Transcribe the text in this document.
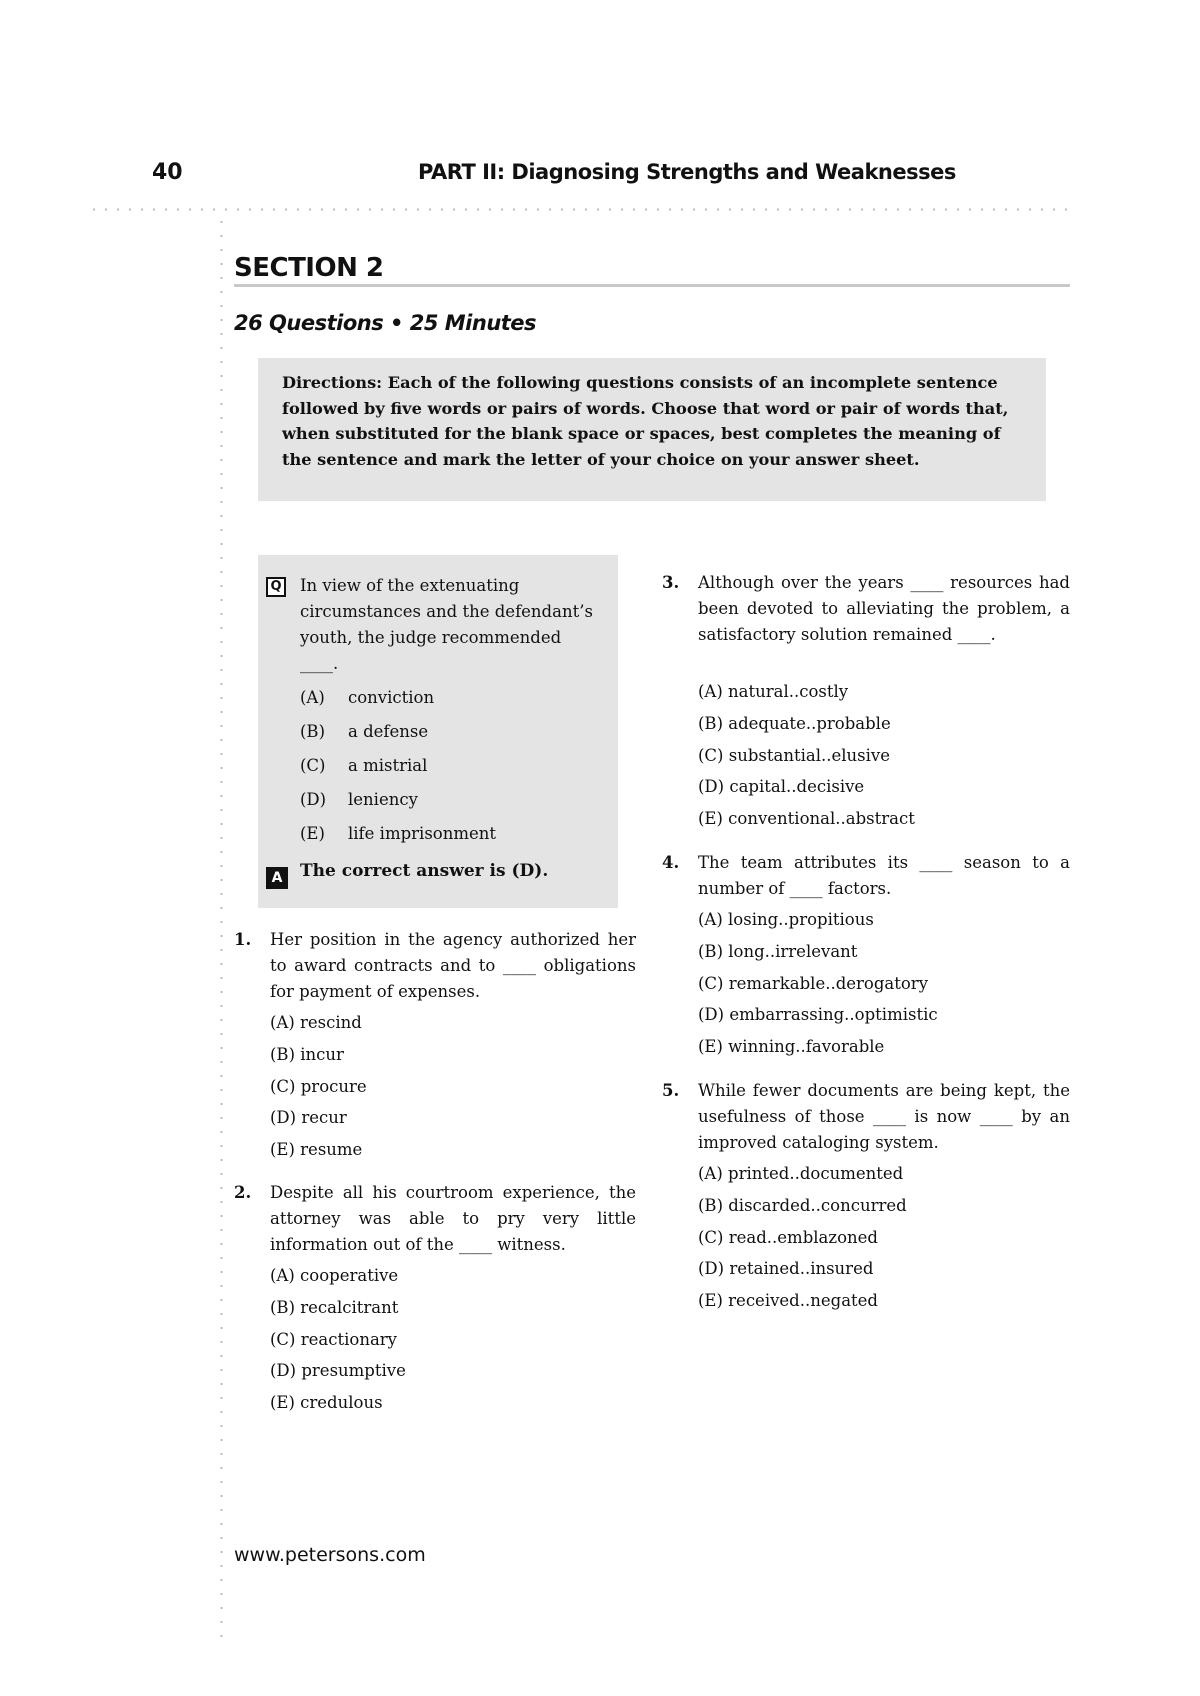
40	PART II: Diagnosing Strengths and Weaknesses
SECTION 2
26 Questions • 25 Minutes

Directions: Each of the following questions consists of an incomplete sentence followed by five words or pairs of words. Choose that word or pair of words that, when substituted for the blank space or spaces, best completes the meaning of the sentence and mark the letter of your choice on your answer sheet.

Q In view of the extenuating circumstances and the defendant’s youth, the judge recommended ____.

(A) conviction
(B) a defense
(C) a mistrial
(D) leniency
(E) life imprisonment
A	The correct answer is (D).

1. Her position in the agency authorized her to award contracts and to ____ obligations for payment of expenses.

(A) rescind
(B) incur
(C) procure
(D) recur
(E) resume
2. Despite all his courtroom experience, the attorney was able to pry very little information out of the ____ witness.

(A) cooperative
(B) recalcitrant
(C) reactionary
(D) presumptive
(E) credulous
3. Although over the years ____ resources had been devoted to alleviating the problem, a satisfactory solution remained ____.

(A) natural..costly
(B) adequate..probable
(C) substantial..elusive
(D) capital..decisive
(E) conventional..abstract
4. The team attributes its ____ season to a number of ____ factors.

(A) losing..propitious
(B) long..irrelevant
(C) remarkable..derogatory
(D) embarrassing..optimistic
(E) winning..favorable
5. While fewer documents are being kept, the usefulness of those ____ is now ____ by an improved cataloging system.

(A) printed..documented
(B) discarded..concurred
(C) read..emblazoned
(D) retained..insured
(E) received..negated
www.petersons.com
